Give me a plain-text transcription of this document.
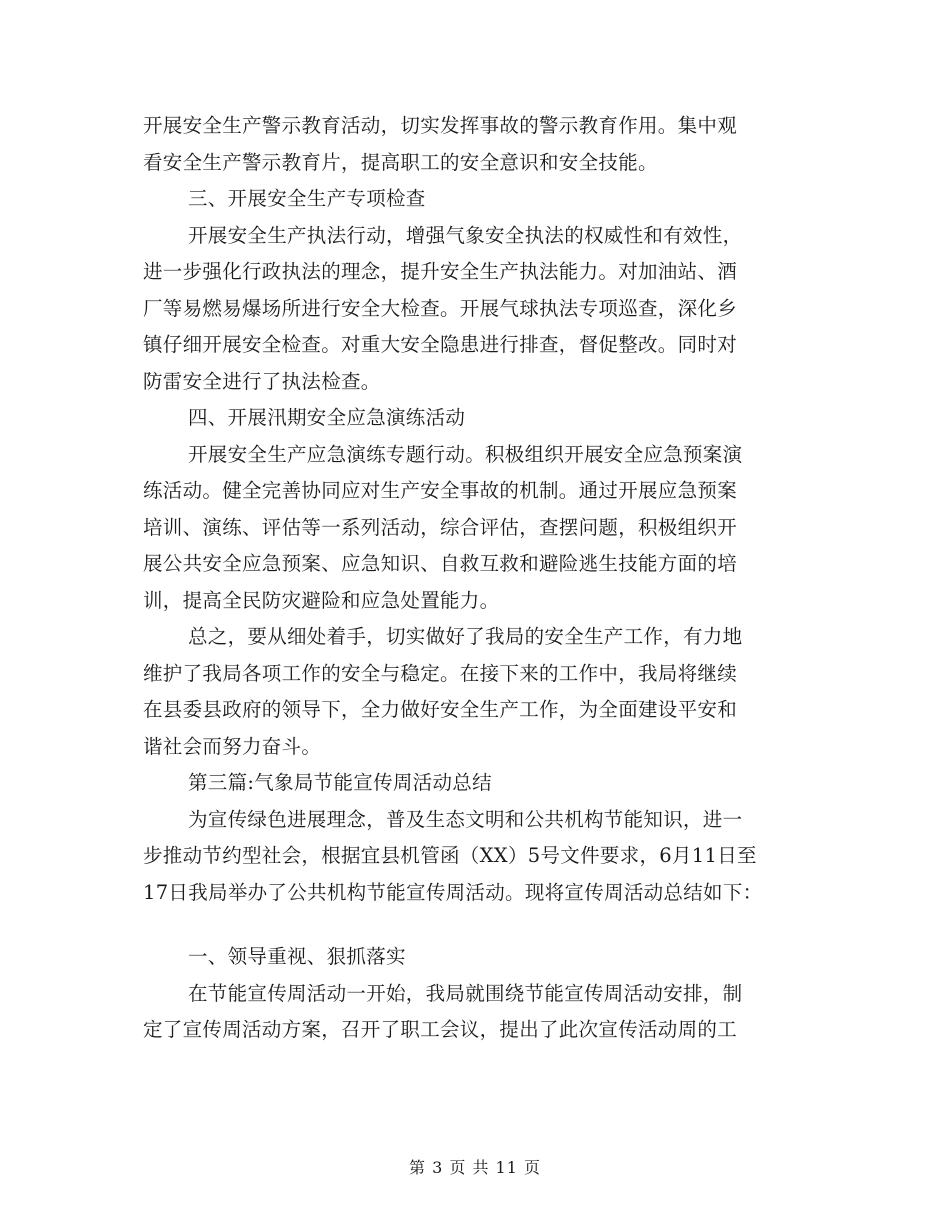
开展安全生产警示教育活动，切实发挥事故的警示教育作用。集中观
看安全生产警示教育片，提高职工的安全意识和安全技能。
三、开展安全生产专项检查
开展安全生产执法行动，增强气象安全执法的权威性和有效性，
进一步强化行政执法的理念，提升安全生产执法能力。对加油站、酒
厂等易燃易爆场所进行安全大检查。开展气球执法专项巡查，深化乡
镇仔细开展安全检查。对重大安全隐患进行排查，督促整改。同时对
防雷安全进行了执法检查。
四、开展汛期安全应急演练活动
开展安全生产应急演练专题行动。积极组织开展安全应急预案演
练活动。健全完善协同应对生产安全事故的机制。通过开展应急预案
培训、演练、评估等一系列活动，综合评估，查摆问题，积极组织开
展公共安全应急预案、应急知识、自救互救和避险逃生技能方面的培
训，提高全民防灾避险和应急处置能力。
总之，要从细处着手，切实做好了我局的安全生产工作，有力地
维护了我局各项工作的安全与稳定。在接下来的工作中，我局将继续
在县委县政府的领导下，全力做好安全生产工作，为全面建设平安和
谐社会而努力奋斗。
第三篇:气象局节能宣传周活动总结
为宣传绿色进展理念，普及生态文明和公共机构节能知识，进一
步推动节约型社会，根据宜县机管函（XX）5号文件要求，6月11日至
17日我局举办了公共机构节能宣传周活动。现将宣传周活动总结如下：
一、领导重视、狠抓落实
在节能宣传周活动一开始，我局就围绕节能宣传周活动安排，制
定了宣传周活动方案，召开了职工会议，提出了此次宣传活动周的工
第 3 页 共 11 页
